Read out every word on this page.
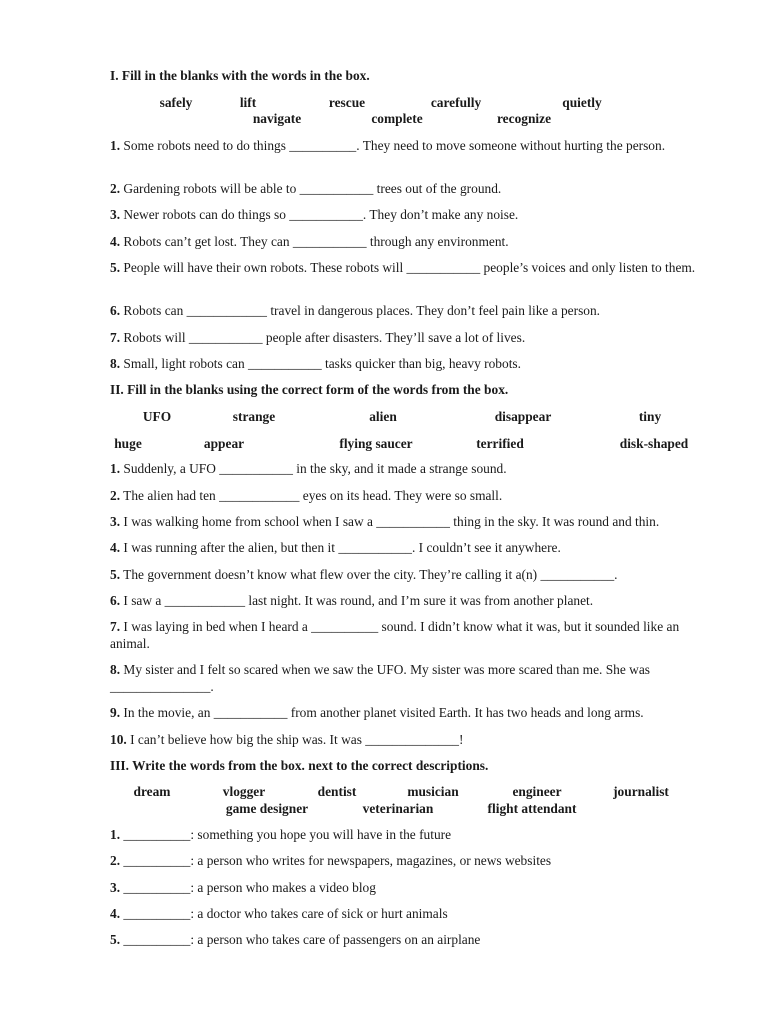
I. Fill in the blanks with the words in the box.
safely	lift	rescue	carefully	quietly
navigate	complete	recognize
1. Some robots need to do things __________. They need to move someone without hurting the person.
2. Gardening robots will be able to ___________ trees out of the ground.
3. Newer robots can do things so ___________. They don’t make any noise.
4. Robots can’t get lost. They can ___________ through any environment.
5. People will have their own robots. These robots will ___________ people’s voices and only listen to them.
6. Robots can ____________ travel in dangerous places. They don’t feel pain like a person.
7. Robots will ___________ people after disasters. They’ll save a lot of lives.
8. Small, light robots can ___________ tasks quicker than big, heavy robots.
II. Fill in the blanks using the correct form of the words from the box.
UFO	strange	alien	disappear	tiny
huge	appear	flying saucer	terrified	disk-shaped
1. Suddenly, a UFO ___________ in the sky, and it made a strange sound.
2. The alien had ten ____________ eyes on its head. They were so small.
3. I was walking home from school when I saw a ___________ thing in the sky. It was round and thin.
4. I was running after the alien, but then it ___________. I couldn’t see it anywhere.
5. The government doesn’t know what flew over the city. They’re calling it a(n) ___________.
6. I saw a ____________ last night. It was round, and I’m sure it was from another planet.
7. I was laying in bed when I heard a __________ sound. I didn’t know what it was, but it sounded like an animal.
8. My sister and I felt so scared when we saw the UFO. My sister was more scared than me. She was _______________.
9. In the movie, an ___________ from another planet visited Earth. It has two heads and long arms.
10. I can’t believe how big the ship was. It was ______________!
III. Write the words from the box. next to the correct descriptions.
dream	vlogger	dentist	musician	engineer	journalist
game designer	veterinarian	flight attendant
1. __________: something you hope you will have in the future
2. __________: a person who writes for newspapers, magazines, or news websites
3. __________: a person who makes a video blog
4. __________: a doctor who takes care of sick or hurt animals
5. __________: a person who takes care of passengers on an airplane
